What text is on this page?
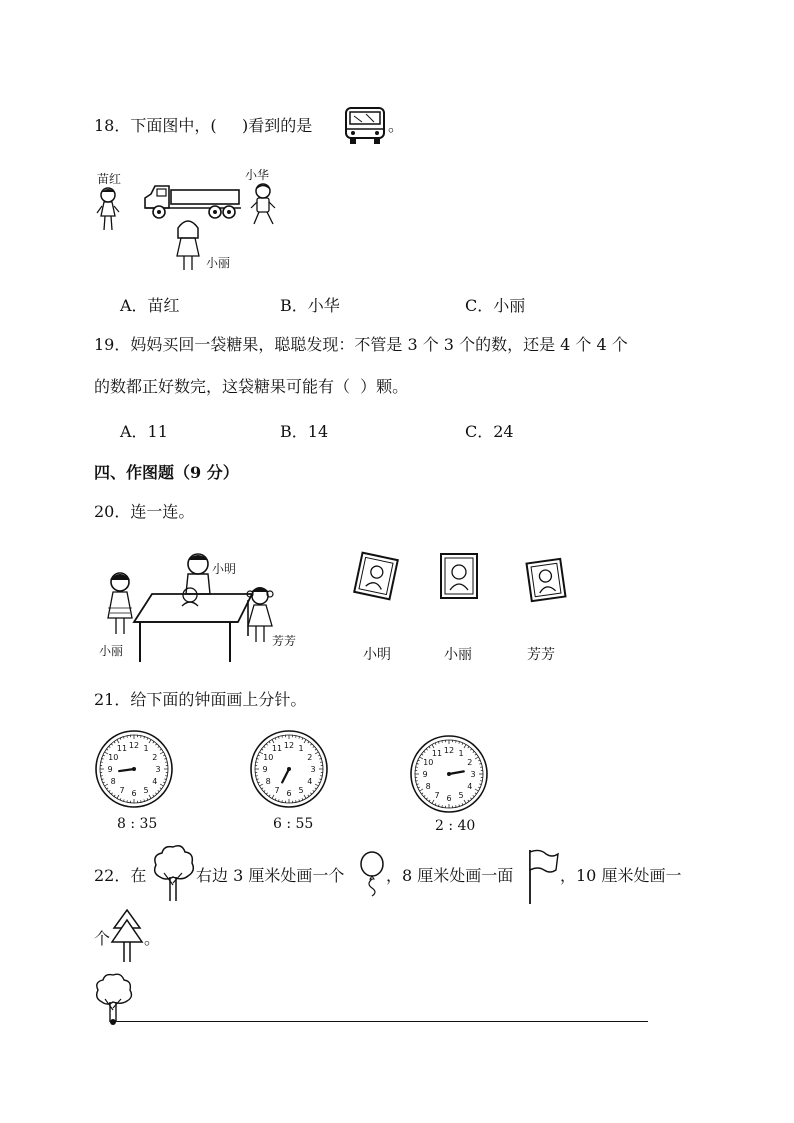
18．下面图中，(     )看到的是	。
苗红	小华
小丽
A．苗红	B．小华	C．小丽
19．妈妈买回一袋糖果，聪聪发现：不管是 3 个 3 个的数，还是 4 个 4 个
的数都正好数完，这袋糖果可能有（  ）颗。
A．11	B．14	C．24
四、作图题（9 分）
20．连一连。
小明
小丽
芳芳
小明	小丽	芳芳
21．给下面的钟面画上分针。
1
2
3
4
5
6
7
8
9
10
11 12	1
2
3
4
5
6
7
8
9
10
11 12
1
2
3
4
5
6
7
8
9
10
11 12
8 : 35	6 : 55	2 : 40
22．在	右边 3 厘米处画一个	，8 厘米处画一面	，10 厘米处画一
个 。
